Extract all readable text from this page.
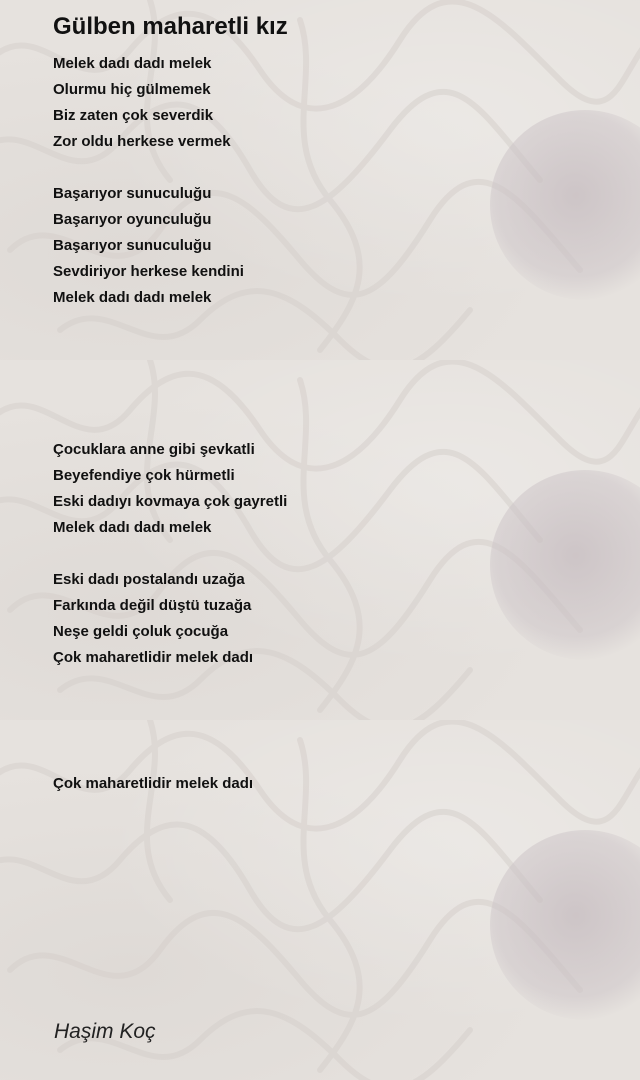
Gülben maharetli kız
Melek dadı dadı melek
Olurmu hiç gülmemek
Biz zaten çok severdik
Zor oldu herkese vermek
Başarıyor sunuculuğu
Başarıyor oyunculuğu
Başarıyor sunuculuğu
Sevdiriyor herkese kendini
Melek dadı dadı melek
Çocuklara anne gibi şevkatli
Beyefendiye çok hürmetli
Eski dadıyı kovmaya çok gayretli
Melek dadı dadı melek
Eski dadı postalandı uzağa
Farkında değil düştü tuzağa
Neşe geldi çoluk çocuğa
Çok maharetlidir melek dadı
Çok maharetlidir melek dadı
Haşim Koç
